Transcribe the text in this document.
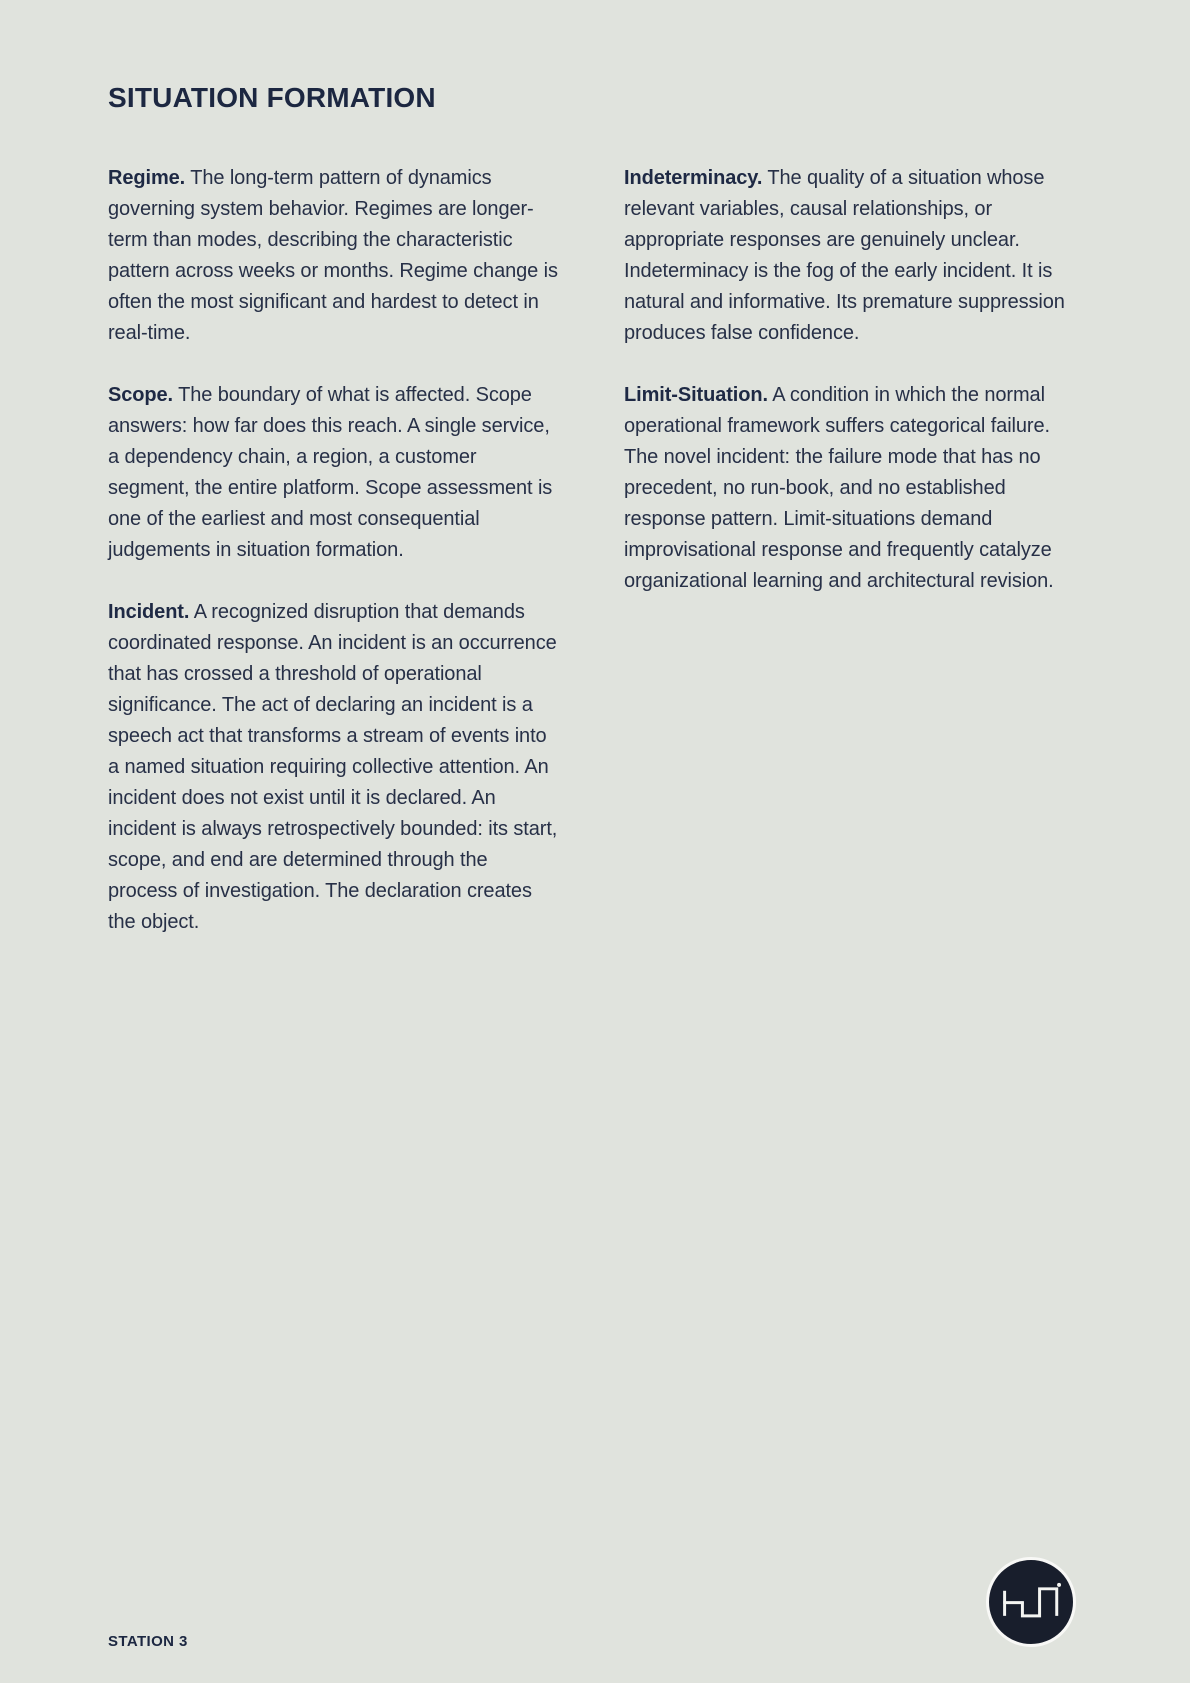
SITUATION FORMATION

Regime. The long-term pattern of dynamics governing system behavior. Regimes are longer-term than modes, describing the characteristic pattern across weeks or months. Regime change is often the most significant and hardest to detect in real-time.

Scope. The boundary of what is affected. Scope answers: how far does this reach. A single service, a dependency chain, a region, a customer segment, the entire platform. Scope assessment is one of the earliest and most consequential judgements in situation formation.

Incident. A recognized disruption that demands coordinated response. An incident is an occurrence that has crossed a threshold of operational significance. The act of declaring an incident is a speech act that transforms a stream of events into a named situation requiring collective attention. An incident does not exist until it is declared. An incident is always retrospectively bounded: its start, scope, and end are determined through the process of investigation. The declaration creates the object.

Indeterminacy. The quality of a situation whose relevant variables, causal relationships, or appropriate responses are genuinely unclear. Indeterminacy is the fog of the early incident. It is natural and informative. Its premature suppression produces false confidence.

Limit-Situation. A condition in which the normal operational framework suffers categorical failure. The novel incident: the failure mode that has no precedent, no run-book, and no established response pattern. Limit-situations demand improvisational response and frequently catalyze organizational learning and architectural revision.

STATION 3
